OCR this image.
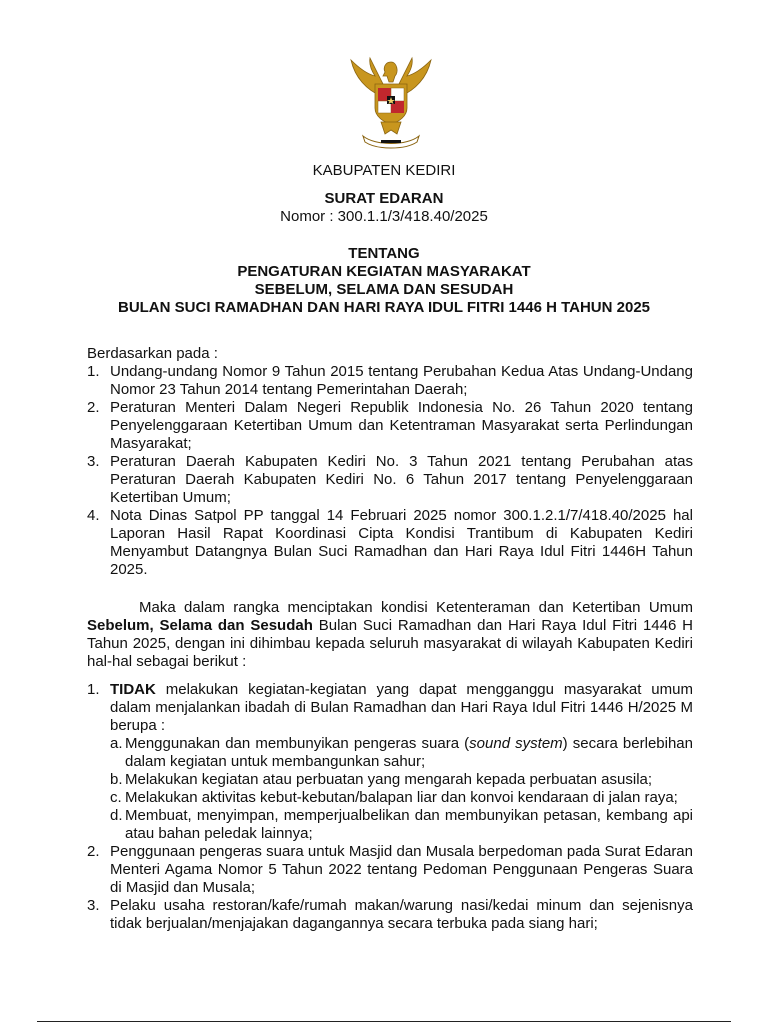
KABUPATEN KEDIRI
SURAT EDARAN
Nomor : 300.1.1/3/418.40/2025
TENTANG
PENGATURAN KEGIATAN MASYARAKAT
SEBELUM, SELAMA DAN SESUDAH
BULAN SUCI RAMADHAN DAN HARI RAYA IDUL FITRI 1446 H TAHUN 2025
Berdasarkan pada :
1. Undang-undang Nomor 9 Tahun 2015 tentang Perubahan Kedua Atas Undang-Undang Nomor 23 Tahun 2014 tentang Pemerintahan Daerah;
2. Peraturan Menteri Dalam Negeri Republik Indonesia No. 26 Tahun 2020 tentang Penyelenggaraan Ketertiban Umum dan Ketentraman Masyarakat serta Perlindungan Masyarakat;
3. Peraturan Daerah Kabupaten Kediri No. 3 Tahun 2021 tentang Perubahan atas Peraturan Daerah Kabupaten Kediri No. 6 Tahun 2017 tentang Penyelenggaraan Ketertiban Umum;
4. Nota Dinas Satpol PP tanggal 14 Februari 2025 nomor 300.1.2.1/7/418.40/2025 hal Laporan Hasil Rapat Koordinasi Cipta Kondisi Trantibum di Kabupaten Kediri Menyambut Datangnya Bulan Suci Ramadhan dan Hari Raya Idul Fitri 1446H Tahun 2025.
Maka dalam rangka menciptakan kondisi Ketenteraman dan Ketertiban Umum Sebelum, Selama dan Sesudah Bulan Suci Ramadhan dan Hari Raya Idul Fitri 1446 H Tahun 2025, dengan ini dihimbau kepada seluruh masyarakat di wilayah Kabupaten Kediri hal-hal sebagai berikut :
1. TIDAK melakukan kegiatan-kegiatan yang dapat mengganggu masyarakat umum dalam menjalankan ibadah di Bulan Ramadhan dan Hari Raya Idul Fitri 1446 H/2025 M berupa :
a. Menggunakan dan membunyikan pengeras suara (sound system) secara berlebihan dalam kegiatan untuk membangunkan sahur;
b. Melakukan kegiatan atau perbuatan yang mengarah kepada perbuatan asusila;
c. Melakukan aktivitas kebut-kebutan/balapan liar dan konvoi kendaraan di jalan raya;
d. Membuat, menyimpan, memperjualbelikan dan membunyikan petasan, kembang api atau bahan peledak lainnya;
2. Penggunaan pengeras suara untuk Masjid dan Musala berpedoman pada Surat Edaran Menteri Agama Nomor 5 Tahun 2022 tentang Pedoman Penggunaan Pengeras Suara di Masjid dan Musala;
3. Pelaku usaha restoran/kafe/rumah makan/warung nasi/kedai minum dan sejenisnya tidak berjualan/menjajakan dagangannya secara terbuka pada siang hari;
